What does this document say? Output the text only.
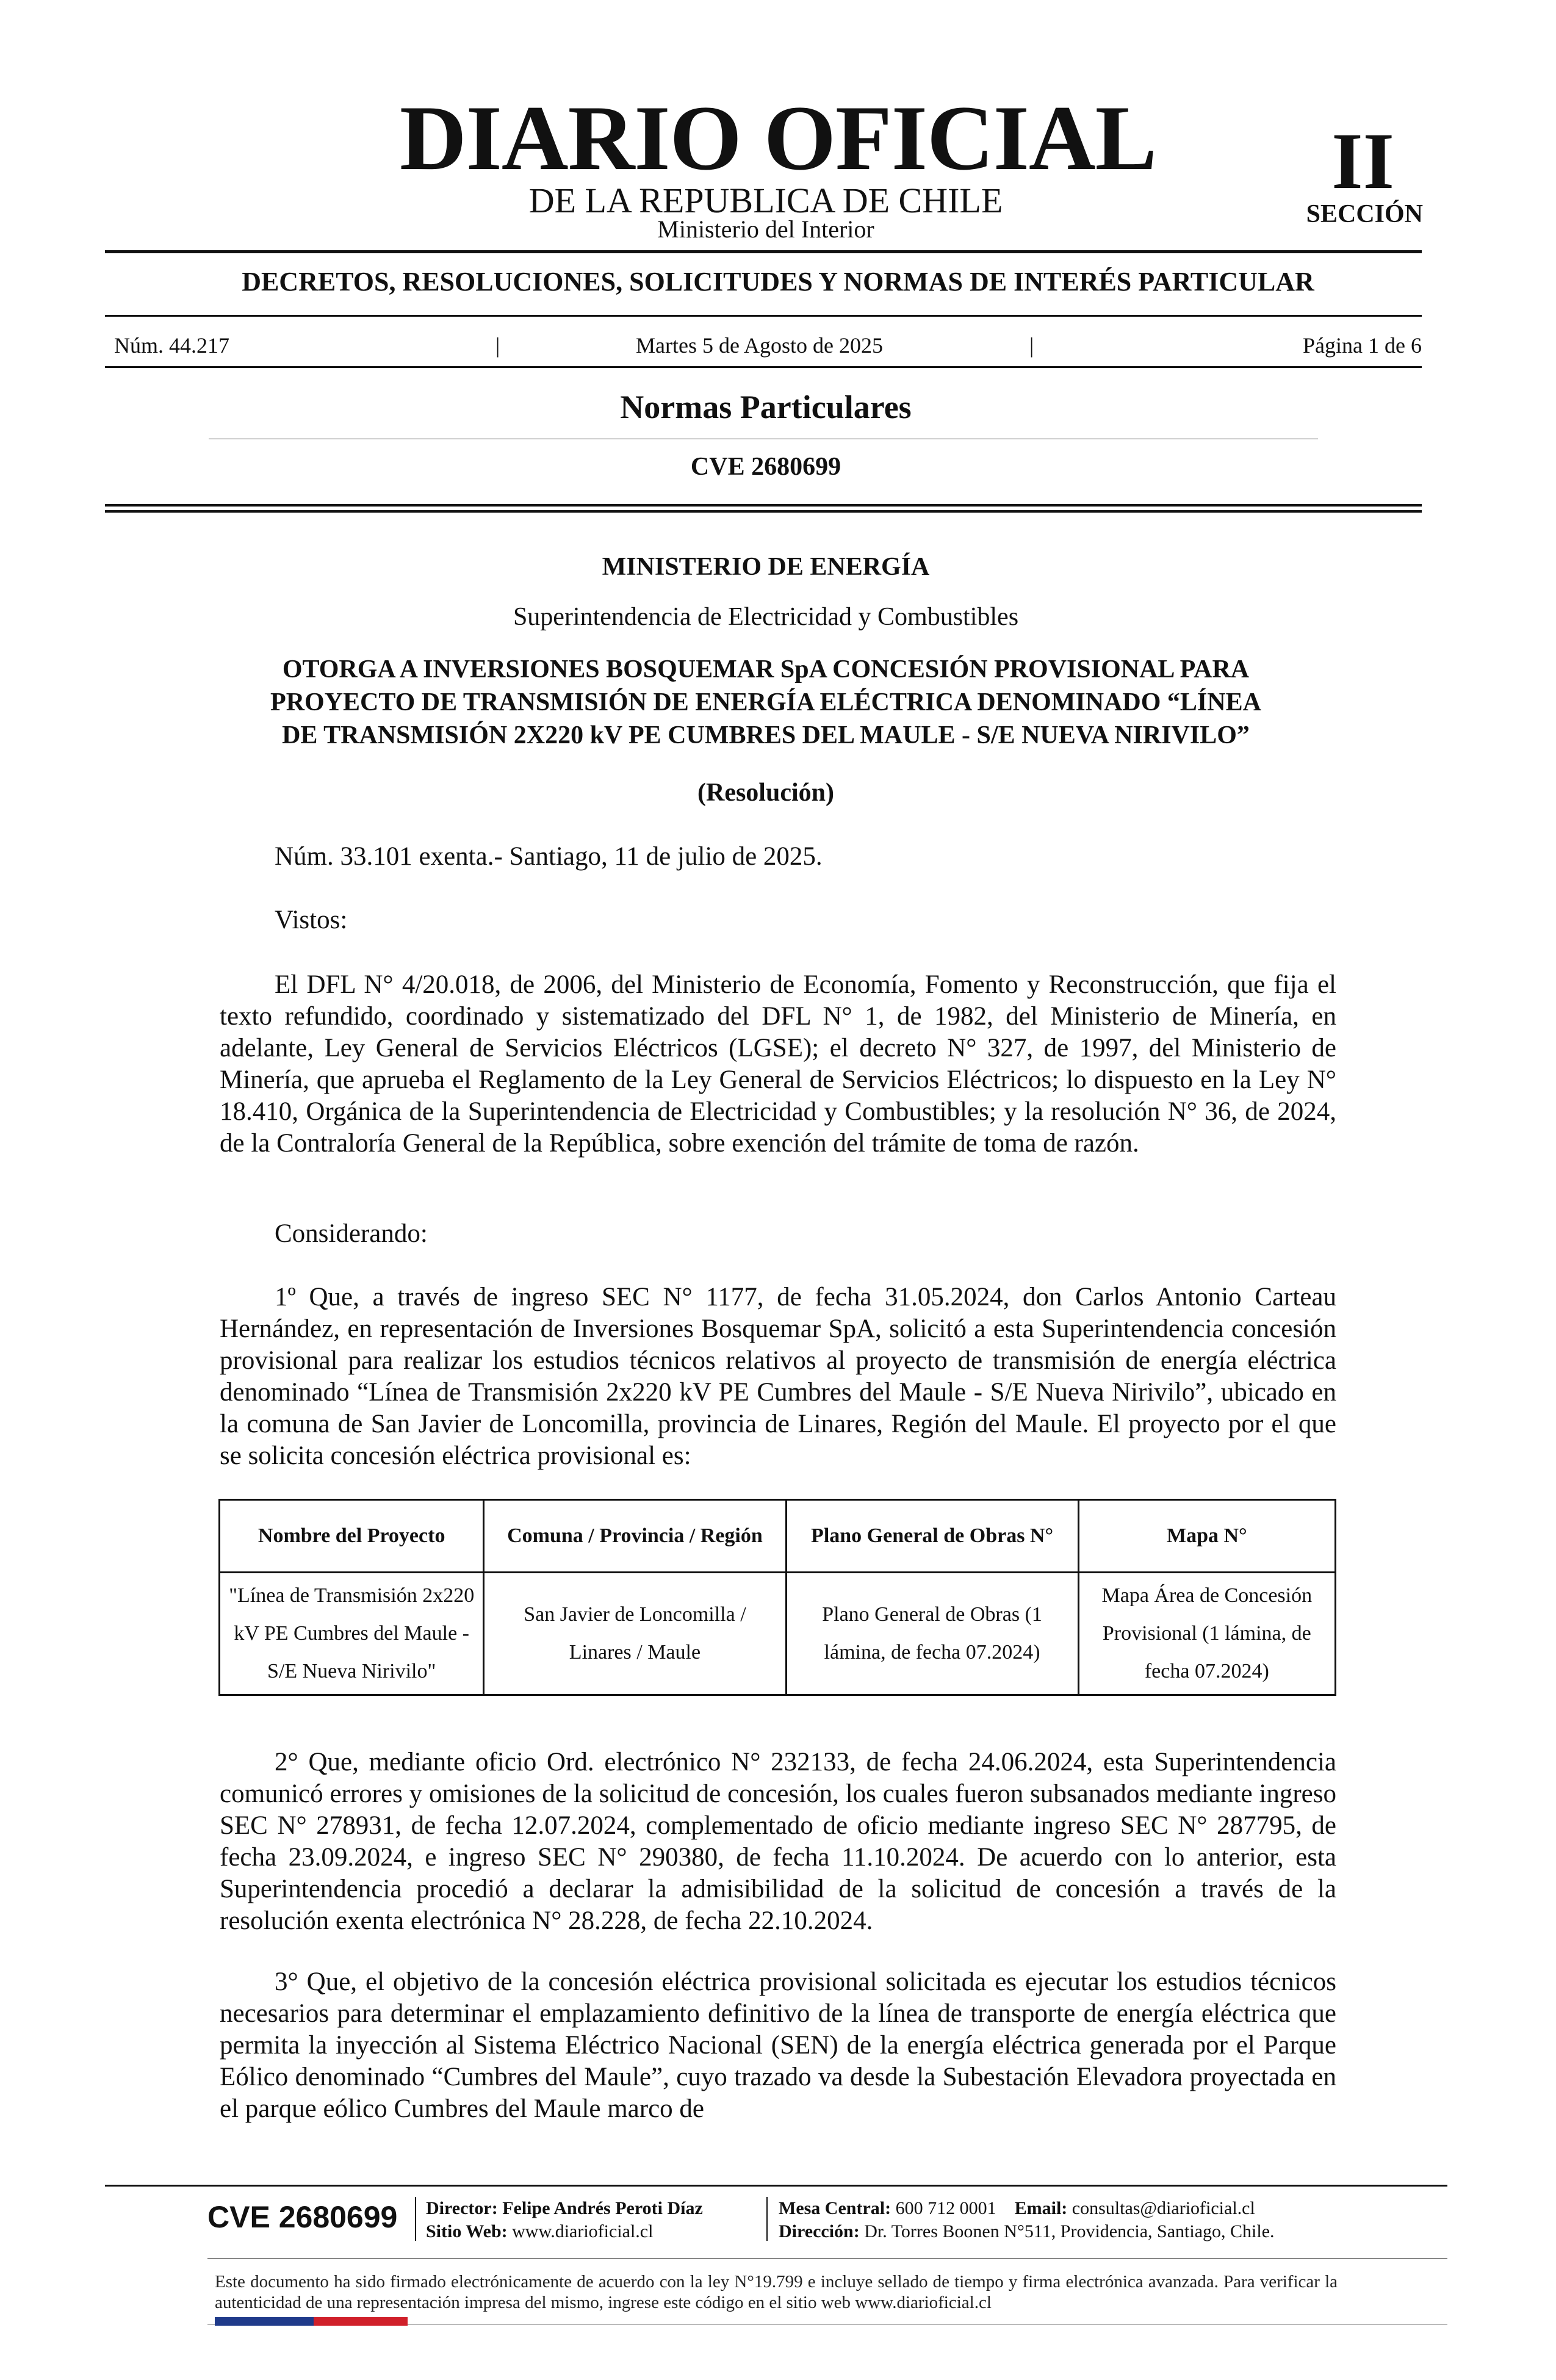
DIARIO OFICIAL
DE LA REPUBLICA DE CHILE
Ministerio del Interior
II
SECCIÓN
DECRETOS, RESOLUCIONES, SOLICITUDES Y NORMAS DE INTERÉS PARTICULAR
Núm. 44.217	|	Martes 5 de Agosto de 2025	|	Página 1 de 6
Normas Particulares
CVE 2680699
MINISTERIO DE ENERGÍA
Superintendencia de Electricidad y Combustibles
OTORGA A INVERSIONES BOSQUEMAR SpA CONCESIÓN PROVISIONAL PARA
PROYECTO DE TRANSMISIÓN DE ENERGÍA ELÉCTRICA DENOMINADO “LÍNEA
DE TRANSMISIÓN 2X220 kV PE CUMBRES DEL MAULE - S/E NUEVA NIRIVILO”
(Resolución)
Núm. 33.101 exenta.- Santiago, 11 de julio de 2025.
Vistos:
El DFL N° 4/20.018, de 2006, del Ministerio de Economía, Fomento y Reconstrucción, que fija el texto refundido, coordinado y sistematizado del DFL N° 1, de 1982, del Ministerio de Minería, en adelante, Ley General de Servicios Eléctricos (LGSE); el decreto N° 327, de 1997, del Ministerio de Minería, que aprueba el Reglamento de la Ley General de Servicios Eléctricos; lo dispuesto en la Ley N° 18.410, Orgánica de la Superintendencia de Electricidad y Combustibles; y la resolución N° 36, de 2024, de la Contraloría General de la República, sobre exención del trámite de toma de razón.
Considerando:
1º Que, a través de ingreso SEC N° 1177, de fecha 31.05.2024, don Carlos Antonio Carteau Hernández, en representación de Inversiones Bosquemar SpA, solicitó a esta Superintendencia concesión provisional para realizar los estudios técnicos relativos al proyecto de transmisión de energía eléctrica denominado “Línea de Transmisión 2x220 kV PE Cumbres del Maule - S/E Nueva Nirivilo”, ubicado en la comuna de San Javier de Loncomilla, provincia de Linares, Región del Maule. El proyecto por el que se solicita concesión eléctrica provisional es:
Nombre del Proyecto	Comuna / Provincia / Región	Plano General de Obras N°	Mapa N°
"Línea de Transmisión 2x220 kV PE Cumbres del Maule - S/E Nueva Nirivilo"	San Javier de Loncomilla / Linares / Maule	Plano General de Obras (1 lámina, de fecha 07.2024)	Mapa Área de Concesión Provisional (1 lámina, de fecha 07.2024)
2° Que, mediante oficio Ord. electrónico N° 232133, de fecha 24.06.2024, esta Superintendencia comunicó errores y omisiones de la solicitud de concesión, los cuales fueron subsanados mediante ingreso SEC N° 278931, de fecha 12.07.2024, complementado de oficio mediante ingreso SEC N° 287795, de fecha 23.09.2024, e ingreso SEC N° 290380, de fecha 11.10.2024. De acuerdo con lo anterior, esta Superintendencia procedió a declarar la admisibilidad de la solicitud de concesión a través de la resolución exenta electrónica N° 28.228, de fecha 22.10.2024.
3° Que, el objetivo de la concesión eléctrica provisional solicitada es ejecutar los estudios técnicos necesarios para determinar el emplazamiento definitivo de la línea de transporte de energía eléctrica que permita la inyección al Sistema Eléctrico Nacional (SEN) de la energía eléctrica generada por el Parque Eólico denominado “Cumbres del Maule”, cuyo trazado va desde la Subestación Elevadora proyectada en el parque eólico Cumbres del Maule marco de
CVE 2680699 Director: Felipe Andrés Peroti Díaz
Sitio Web: www.diarioficial.cl
Mesa Central: 600 712 0001 Email: consultas@diarioficial.cl
Dirección: Dr. Torres Boonen N°511, Providencia, Santiago, Chile.
Este documento ha sido firmado electrónicamente de acuerdo con la ley N°19.799 e incluye sellado de tiempo y firma electrónica avanzada. Para verificar la autenticidad de una representación impresa del mismo, ingrese este código en el sitio web www.diarioficial.cl
